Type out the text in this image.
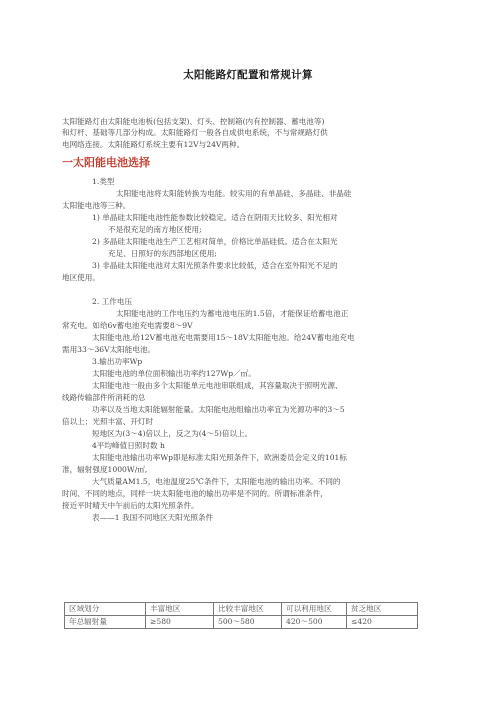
太阳能路灯配置和常规计算
太阳能路灯由太阳能电池板(包括支架)、灯头、控制箱(内有控制器、蓄电池等)
和灯杆、基础等几部分构成。太阳能路灯一般各自成供电系统，不与常规路灯供
电网络连接。太阳能路灯系统主要有12V与24V两种。
一太阳能电池选择
1.类型
太阳能电池将太阳能转换为电能。较实用的有单晶硅、多晶硅、非晶硅
太阳能电池等三种。
1) 单晶硅太阳能电池性能参数比较稳定。适合在阴雨天比较多、阳光相对
不是很充足的南方地区使用;
2) 多晶硅太阳能电池生产工艺相对简单，价格比单晶硅低。适合在太阳光
充足、日照好的东西部地区使用;
3) 非晶硅太阳能电池对太阳光照条件要求比较低，适合在室外阳光不足的
地区使用。
2. 工作电压
太阳能电池的工作电压约为蓄电池电压的1.5倍，才能保证给蓄电池正
常充电。如给6v蓄电池充电需要8～9V
太阳能电池,给12V蓄电池充电需要用15～18V太阳能电池。给24V蓄电池充电
需用33～36V太阳能电池。
3.输出功率Wp
太阳能电池的单位面积输出功率约127Wp／㎡。
太阳能电池一般由多个太阳能单元电池串联组成，其容量取决于照明光源、
线路传输部件所消耗的总
功率以及当地太阳能辐射能量。太阳能电池组输出功率宜为光源功率的3～5
倍以上；光照丰富、开灯时
短地区为(3～4)倍以上，反之为(4～5)倍以上。
4平均峰值日照时数 h
太阳能电池输出功率Wp即是标准太阳光照条件下，欧洲委员会定义的101标
准，辐射强度1000W/㎡,
大气质量AM1.5，电池温度25℃条件下，太阳能电池的输出功率。不同的
时间、不同的地点，同样一块太阳能电池的输出功率是不同的。所谓标准条件，
接近平时晴天中午前后的太阳光照条件。
表——1 我国不同地区天阳光照条件
区域划分	丰富地区	比较丰富地区	可以利用地区	贫乏地区
年总辐射量	≥580	500～580	420～500	≤420
